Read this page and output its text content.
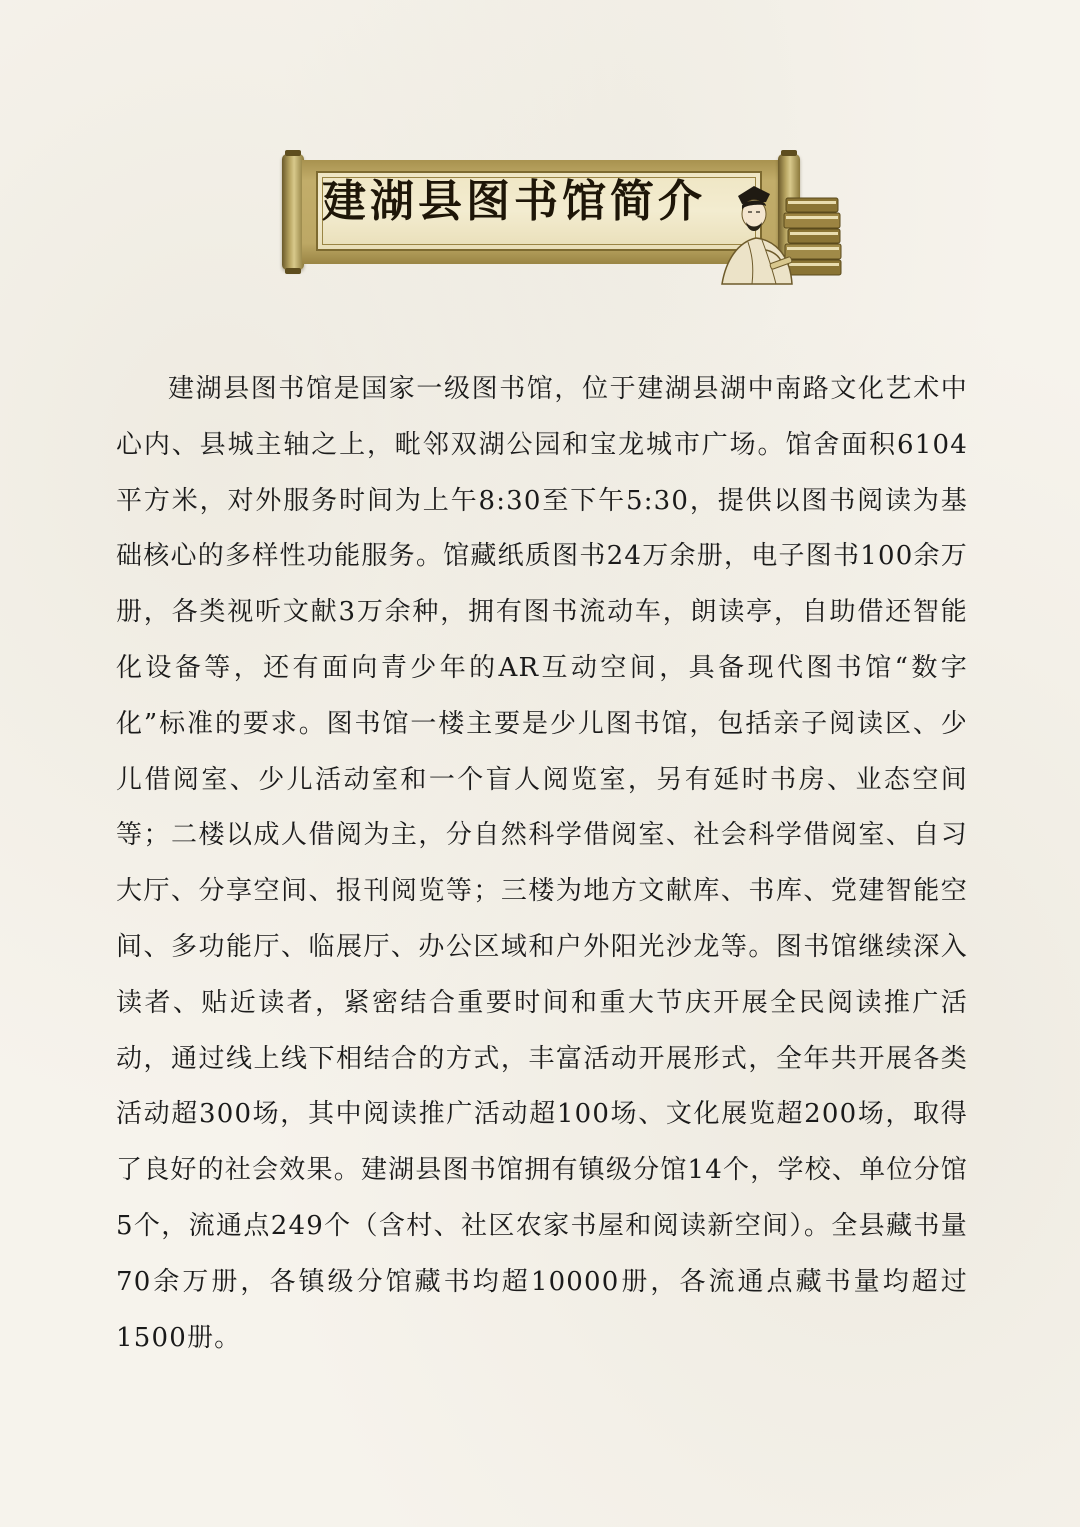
建湖县图书馆简介

建湖县图书馆是国家一级图书馆，位于建湖县湖中南路文化艺术中心内、县城主轴之上，毗邻双湖公园和宝龙城市广场。馆舍面积6104平方米，对外服务时间为上午8:30至下午5:30，提供以图书阅读为基础核心的多样性功能服务。馆藏纸质图书24万余册，电子图书100余万册，各类视听文献3万余种，拥有图书流动车，朗读亭，自助借还智能化设备等，还有面向青少年的AR互动空间，具备现代图书馆“数字化”标准的要求。图书馆一楼主要是少儿图书馆，包括亲子阅读区、少儿借阅室、少儿活动室和一个盲人阅览室，另有延时书房、业态空间等；二楼以成人借阅为主，分自然科学借阅室、社会科学借阅室、自习大厅、分享空间、报刊阅览等；三楼为地方文献库、书库、党建智能空间、多功能厅、临展厅、办公区域和户外阳光沙龙等。图书馆继续深入读者、贴近读者，紧密结合重要时间和重大节庆开展全民阅读推广活动，通过线上线下相结合的方式，丰富活动开展形式，全年共开展各类活动超300场，其中阅读推广活动超100场、文化展览超200场，取得了良好的社会效果。建湖县图书馆拥有镇级分馆14个，学校、单位分馆5个，流通点249个（含村、社区农家书屋和阅读新空间）。全县藏书量70余万册，各镇级分馆藏书均超10000册，各流通点藏书量均超过1500册。
